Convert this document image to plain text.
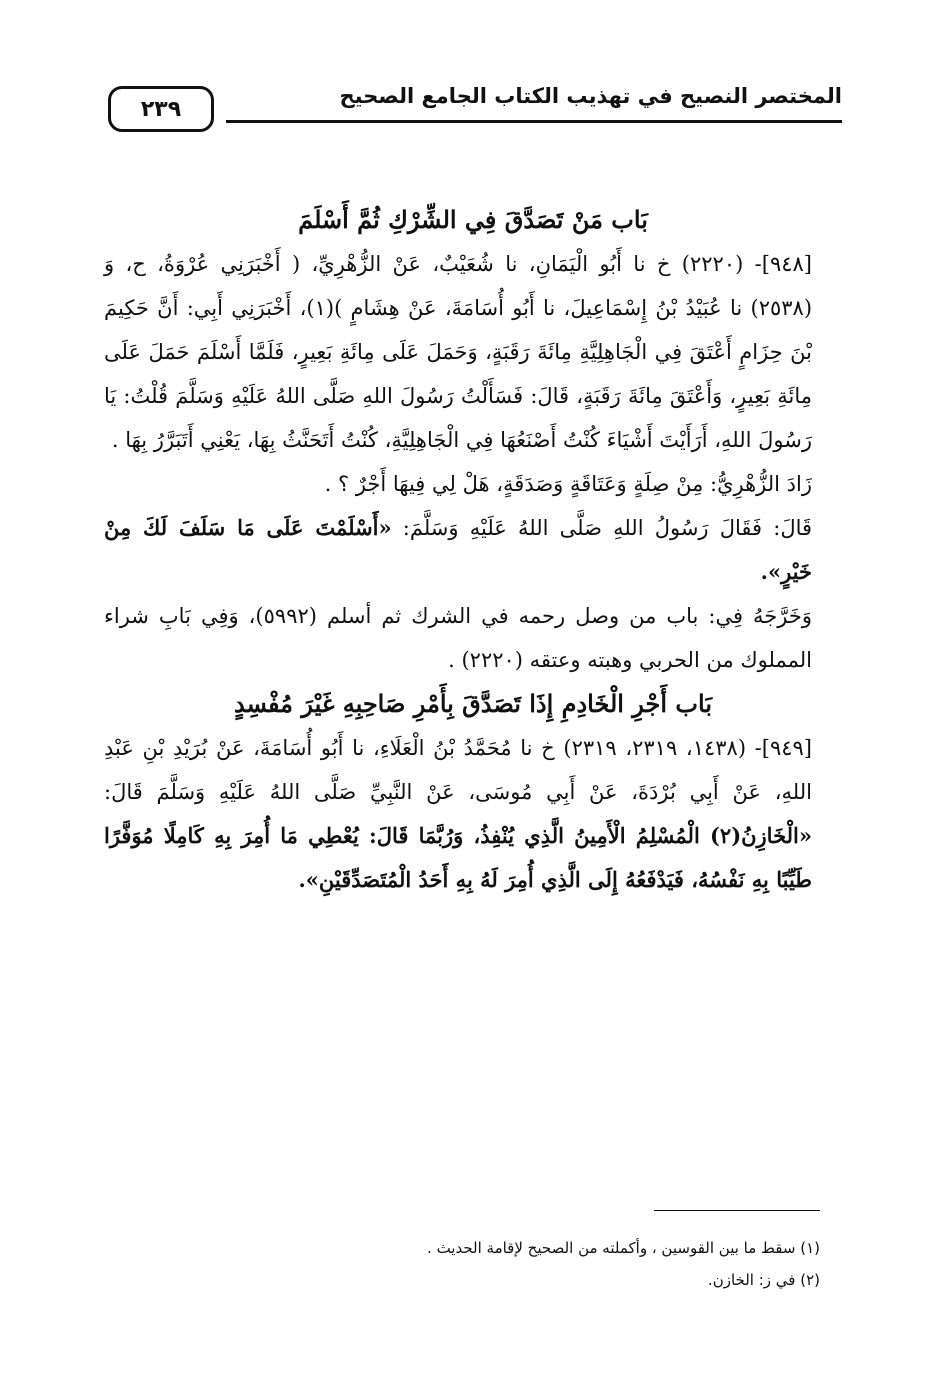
المختصر النصيح في تهذيب الكتاب الجامع الصحيح
٢٣٩

بَاب مَنْ تَصَدَّقَ فِي الشِّرْكِ ثُمَّ أَسْلَمَ

[٩٤٨]- (٢٢٢٠) خ نا أَبُو الْيَمَانِ، نا شُعَيْبٌ، عَنْ الزُّهْرِيِّ، ( أَخْبَرَنِي عُرْوَةُ، ح، وَ (٢٥٣٨) نا عُبَيْدُ بْنُ إِسْمَاعِيلَ، نا أَبُو أُسَامَةَ، عَنْ هِشَامٍ )(١)، أَخْبَرَنِي أَبِي: أَنَّ حَكِيمَ بْنَ حِزَامٍ أَعْتَقَ فِي الْجَاهِلِيَّةِ مِائَةَ رَقَبَةٍ، وَحَمَلَ عَلَى مِائَةِ بَعِيرٍ، فَلَمَّا أَسْلَمَ حَمَلَ عَلَى مِائَةِ بَعِيرٍ، وَأَعْتَقَ مِائَةَ رَقَبَةٍ، قَالَ: فَسَأَلْتُ رَسُولَ اللهِ صَلَّى اللهُ عَلَيْهِ وَسَلَّمَ قُلْتُ: يَا رَسُولَ اللهِ، أَرَأَيْتَ أَشْيَاءَ كُنْتُ أَصْنَعُهَا فِي الْجَاهِلِيَّةِ، كُنْتُ أَتَحَنَّثُ بِهَا، يَعْنِي أَتَبَرَّرُ بِهَا .

زَادَ الزُّهْرِيُّ: مِنْ صِلَةٍ وَعَتَاقَةٍ وَصَدَقَةٍ، هَلْ لِي فِيهَا أَجْرٌ ؟ .

قَالَ: فَقَالَ رَسُولُ اللهِ صَلَّى اللهُ عَلَيْهِ وَسَلَّمَ: «أَسْلَمْتَ عَلَى مَا سَلَفَ لَكَ مِنْ خَيْرٍ».

وَخَرَّجَهُ فِي: باب من وصل رحمه في الشرك ثم أسلم (٥٩٩٢)، وَفِي بَابِ شراء المملوك من الحربي وهبته وعتقه (٢٢٢٠) .

بَاب أَجْرِ الْخَادِمِ إِذَا تَصَدَّقَ بِأَمْرِ صَاحِبِهِ غَيْرَ مُفْسِدٍ

[٩٤٩]- (١٤٣٨، ٢٣١٩، ٢٣١٩) خ نا مُحَمَّدُ بْنُ الْعَلَاءِ، نا أَبُو أُسَامَةَ، عَنْ بُرَيْدِ بْنِ عَبْدِ اللهِ، عَنْ أَبِي بُرْدَةَ، عَنْ أَبِي مُوسَى، عَنْ النَّبِيِّ صَلَّى اللهُ عَلَيْهِ وَسَلَّمَ قَالَ: «الْخَازِنُ(٢) الْمُسْلِمُ الْأَمِينُ الَّذِي يُنْفِذُ، وَرُبَّمَا قَالَ: يُعْطِي مَا أُمِرَ بِهِ كَامِلًا مُوَفَّرًا طَيِّبًا بِهِ نَفْسُهُ، فَيَدْفَعُهُ إِلَى الَّذِي أُمِرَ لَهُ بِهِ أَحَدُ الْمُتَصَدِّقَيْنِ».

(١) سقط ما بين القوسين ، وأكملته من الصحيح لإقامة الحديث .

(٢) في ز: الخازن.
